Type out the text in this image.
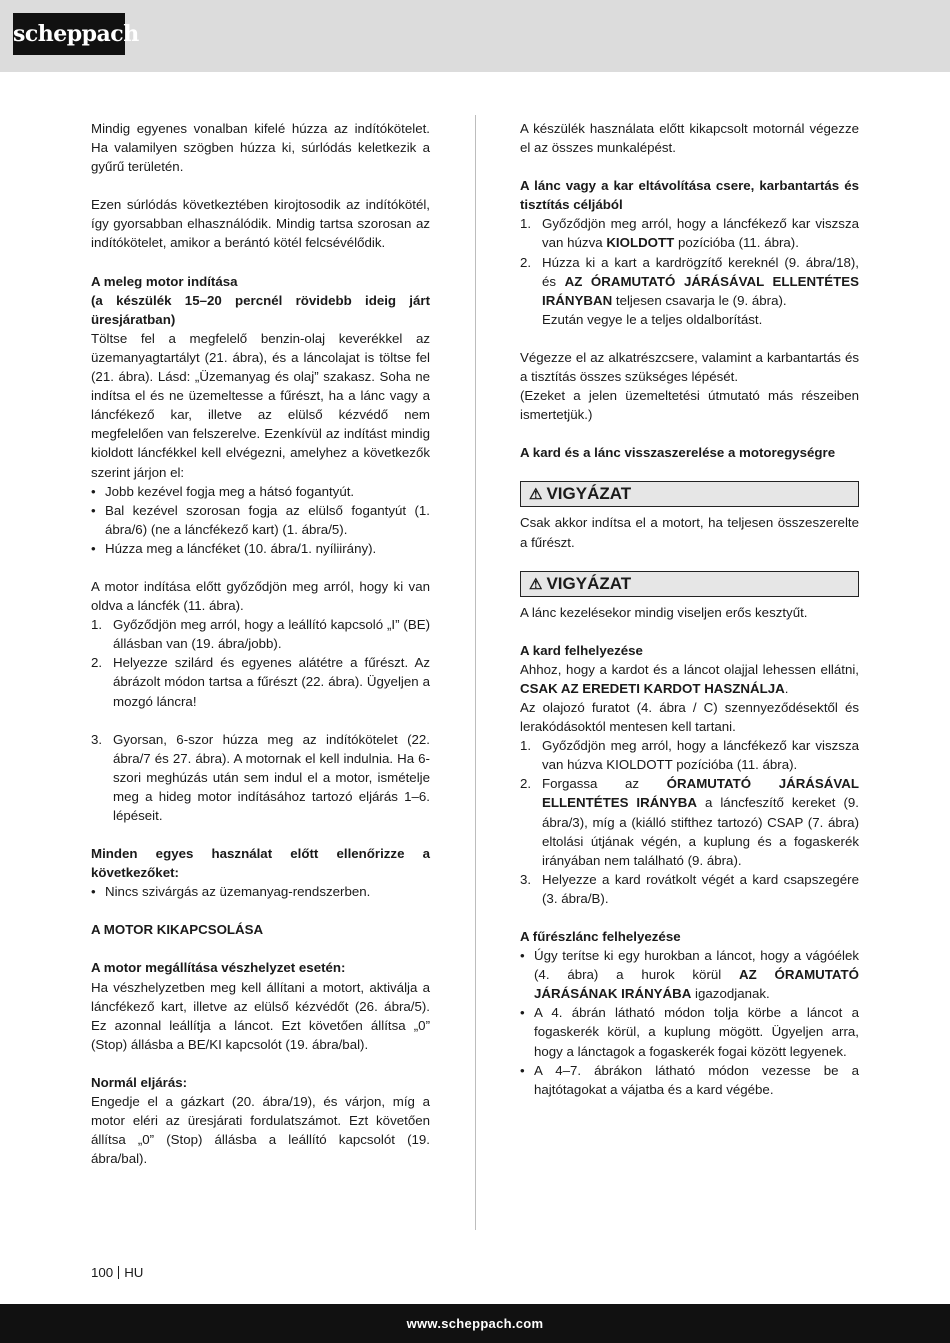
scheppach

Mindig egyenes vonalban kifelé húzza az indítókötelet. Ha valamilyen szögben húzza ki, súrlódás keletkezik a gyűrű területén.

Ezen súrlódás következtében kirojtosodik az indítókötél, így gyorsabban elhasználódik. Mindig tartsa szorosan az indítókötelet, amikor a berántó kötél felcsévélődik.

A meleg motor indítása

(a készülék 15–20 percnél rövidebb ideig járt üresjáratban)

Töltse fel a megfelelő benzin-olaj keverékkel az üzemanyagtartályt (21. ábra), és a láncolajat is töltse fel (21. ábra). Lásd: „Üzemanyag és olaj” szakasz. Soha ne indítsa el és ne üzemeltesse a fűrészt, ha a lánc vagy a láncfékező kar, illetve az elülső kézvédő nem megfelelően van felszerelve. Ezenkívül az indítást mindig kioldott láncfékkel kell elvégezni, amelyhez a következők szerint járjon el:

• Jobb kezével fogja meg a hátsó fogantyút.
• Bal kezével szorosan fogja az elülső fogantyút (1. ábra/6) (ne a láncfékező kart) (1. ábra/5).
• Húzza meg a láncféket (10. ábra/1. nyíliirány).

A motor indítása előtt győződjön meg arról, hogy ki van oldva a láncfék (11. ábra).

1. Győződjön meg arról, hogy a leállító kapcsoló „I” (BE) állásban van (19. ábra/jobb).
2. Helyezze szilárd és egyenes alátétre a fűrészt. Az ábrázolt módon tartsa a fűrészt (22. ábra). Ügyeljen a mozgó láncra!
3. Gyorsan, 6-szor húzza meg az indítókötelet (22. ábra/7 és 27. ábra). A motornak el kell indulnia. Ha 6-szori meghúzás után sem indul el a motor, ismételje meg a hideg motor indításához tartozó eljárás 1–6. lépéseit.

Minden egyes használat előtt ellenőrizze a következőket:

• Nincs szivárgás az üzemanyag-rendszerben.

A MOTOR KIKAPCSOLÁSA

A motor megállítása vészhelyzet esetén:

Ha vészhelyzetben meg kell állítani a motort, aktiválja a láncfékező kart, illetve az elülső kézvédőt (26. ábra/5). Ez azonnal leállítja a láncot. Ezt követően állítsa „0” (Stop) állásba a BE/KI kapcsolót (19. ábra/bal).

Normál eljárás:

Engedje el a gázkart (20. ábra/19), és várjon, míg a motor eléri az üresjárati fordulatszámot. Ezt követően állítsa „0” (Stop) állásba a leállító kapcsolót (19. ábra/bal).

A készülék használata előtt kikapcsolt motornál végezze el az összes munkalépést.

A lánc vagy a kar eltávolítása csere, karbantartás és tisztítás céljából

1. Győződjön meg arról, hogy a láncfékező kar viszsza van húzva KIOLDOTT pozícióba (11. ábra).
2. Húzza ki a kart a kardrögzítő kereknél (9. ábra/18), és AZ ÓRAMUTATÓ JÁRÁSÁVAL ELLENTÉTES IRÁNYBAN teljesen csavarja le (9. ábra).

Ezután vegye le a teljes oldalborítást.

Végezze el az alkatrészcsere, valamint a karbantartás és a tisztítás összes szükséges lépését.

(Ezeket a jelen üzemeltetési útmutató más részeiben ismertetjük.)

A kard és a lánc visszaszerelése a motoregységre

⚠ VIGYÁZAT

Csak akkor indítsa el a motort, ha teljesen összeszerelte a fűrészt.

⚠ VIGYÁZAT

A lánc kezelésekor mindig viseljen erős kesztyűt.

A kard felhelyezése

Ahhoz, hogy a kardot és a láncot olajjal lehessen ellátni, CSAK AZ EREDETI KARDOT HASZNÁLJA.

Az olajozó furatot (4. ábra / C) szennyeződésektől és lerakódásoktól mentesen kell tartani.

1. Győződjön meg arról, hogy a láncfékező kar viszsza van húzva KIOLDOTT pozícióba (11. ábra).
2. Forgassa az ÓRAMUTATÓ JÁRÁSÁVAL ELLENTÉTES IRÁNYBA a láncfeszítő kereket (9. ábra/3), míg a (kiálló stifthez tartozó) CSAP (7. ábra) eltolási útjának végén, a kuplung és a fogaskerék irányában nem található (9. ábra).
3. Helyezze a kard rovátkolt végét a kard csapszegére (3. ábra/B).

A fűrészlánc felhelyezése

• Úgy terítse ki egy hurokban a láncot, hogy a vágóélek (4. ábra) a hurok körül AZ ÓRAMUTATÓ JÁRÁSÁNAK IRÁNYÁBA igazodjanak.
• A 4. ábrán látható módon tolja körbe a láncot a fogaskerék körül, a kuplung mögött. Ügyeljen arra, hogy a lánctagok a fogaskerék fogai között legyenek.
• A 4–7. ábrákon látható módon vezesse be a hajtótagokat a vájatba és a kard végébe.
100 HU
www.scheppach.com
